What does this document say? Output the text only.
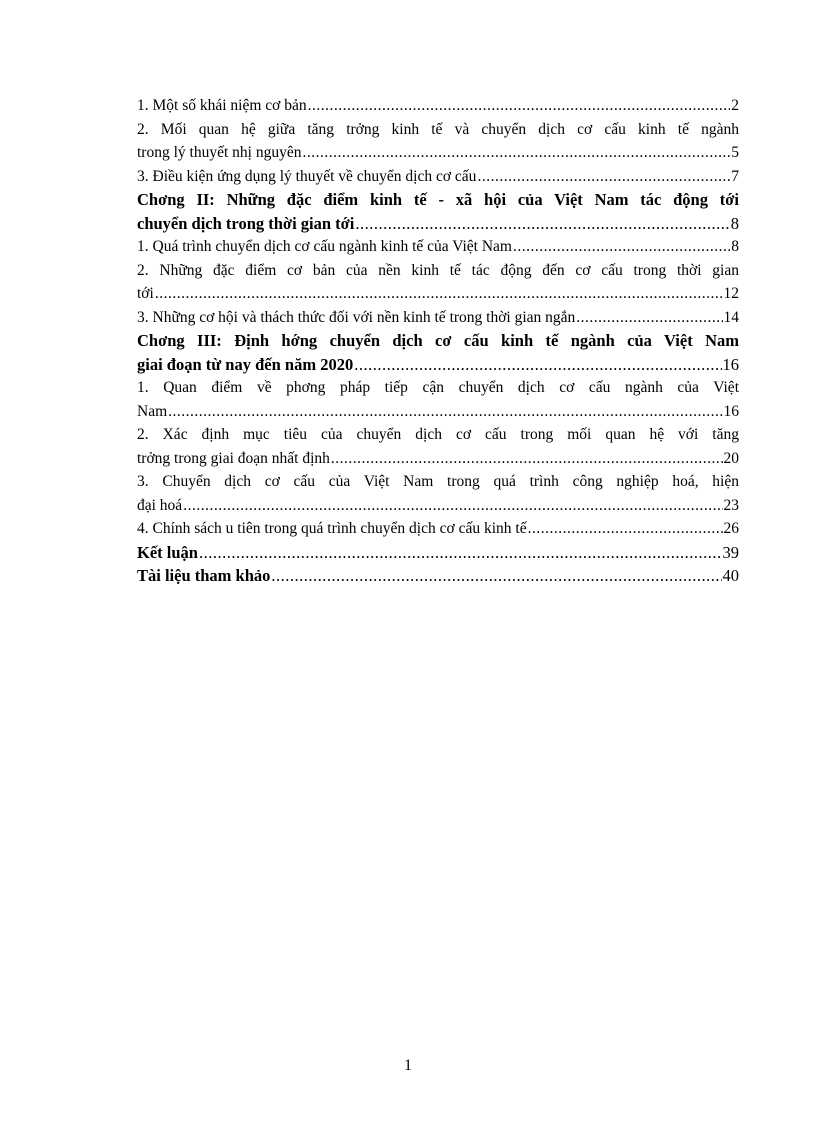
1. Một số khái niệm cơ bản .....	2
2. Mối quan hệ giữa tăng trởng kinh tế và chuyển dịch cơ cấu kinh tế ngành
trong lý thuyết nhị nguyên .....	5
3. Điều kiện ứng dụng lý thuyết về chuyển dịch cơ cấu .....	7
Chơng II: Những đặc điểm kinh tế - xã hội của Việt Nam tác động tới
chuyển dịch trong thời gian tới .....	8
1. Quá trình chuyển dịch cơ cấu ngành kinh tế của Việt Nam .....	8
2. Những đặc điểm cơ bản của nền kinh tế tác động đến cơ cấu trong thời gian
tới .....	12
3. Những cơ hội và thách thức đối với nền kinh tế trong thời gian ngắn .....	14
Chơng III: Định hớng chuyển dịch cơ cấu kinh tế ngành của Việt Nam
giai đoạn từ nay đến năm 2020 .....	16
1. Quan điểm về phơng pháp tiếp cận chuyển dịch cơ cấu ngành của Việt
Nam .....	16
2. Xác định mục tiêu của chuyển dịch cơ cấu trong mối quan hệ với tăng
trởng trong giai đoạn nhất định .....	20
3. Chuyển dịch cơ cấu của Việt Nam trong quá trình công nghiệp hoá, hiện
đại hoá .....	23
4. Chính sách u tiên trong quá trình chuyển dịch cơ cấu kinh tế .....	26
Kết luận .....	39
Tài liệu tham khảo .....	40
1
